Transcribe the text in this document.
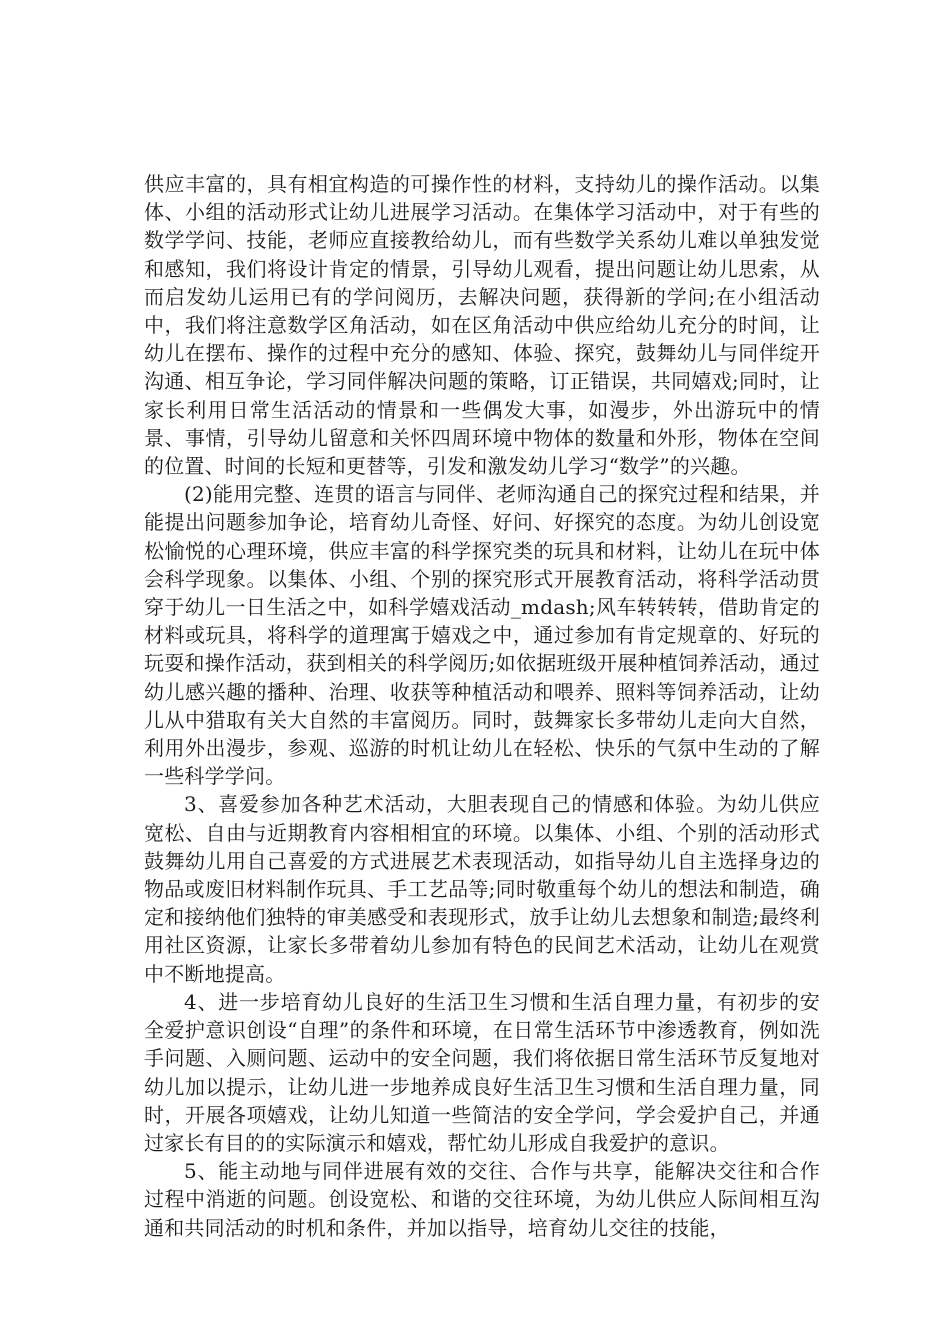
供应丰富的，具有相宜构造的可操作性的材料，支持幼儿的操作活动。以集体、小组的活动形式让幼儿进展学习活动。在集体学习活动中，对于有些的数学学问、技能，老师应直接教给幼儿，而有些数学关系幼儿难以单独发觉和感知，我们将设计肯定的情景，引导幼儿观看，提出问题让幼儿思索，从而启发幼儿运用已有的学问阅历，去解决问题，获得新的学问;在小组活动中，我们将注意数学区角活动，如在区角活动中供应给幼儿充分的时间，让幼儿在摆布、操作的过程中充分的感知、体验、探究，鼓舞幼儿与同伴绽开沟通、相互争论，学习同伴解决问题的策略，订正错误，共同嬉戏;同时，让家长利用日常生活活动的情景和一些偶发大事，如漫步，外出游玩中的情景、事情，引导幼儿留意和关怀四周环境中物体的数量和外形，物体在空间的位置、时间的长短和更替等，引发和激发幼儿学习“数学”的兴趣。

(2)能用完整、连贯的语言与同伴、老师沟通自己的探究过程和结果，并能提出问题参加争论，培育幼儿奇怪、好问、好探究的态度。为幼儿创设宽松愉悦的心理环境，供应丰富的科学探究类的玩具和材料，让幼儿在玩中体会科学现象。以集体、小组、个别的探究形式开展教育活动，将科学活动贯穿于幼儿一日生活之中，如科学嬉戏活动_mdash;风车转转转，借助肯定的材料或玩具，将科学的道理寓于嬉戏之中，通过参加有肯定规章的、好玩的玩耍和操作活动，获到相关的科学阅历;如依据班级开展种植饲养活动，通过幼儿感兴趣的播种、治理、收获等种植活动和喂养、照料等饲养活动，让幼儿从中猎取有关大自然的丰富阅历。同时，鼓舞家长多带幼儿走向大自然，利用外出漫步，参观、巡游的时机让幼儿在轻松、快乐的气氛中生动的了解一些科学学问。

3、喜爱参加各种艺术活动，大胆表现自己的情感和体验。为幼儿供应宽松、自由与近期教育内容相相宜的环境。以集体、小组、个别的活动形式鼓舞幼儿用自己喜爱的方式进展艺术表现活动，如指导幼儿自主选择身边的物品或废旧材料制作玩具、手工艺品等;同时敬重每个幼儿的想法和制造，确定和接纳他们独特的审美感受和表现形式，放手让幼儿去想象和制造;最终利用社区资源，让家长多带着幼儿参加有特色的民间艺术活动，让幼儿在观赏中不断地提高。

4、进一步培育幼儿良好的生活卫生习惯和生活自理力量，有初步的安全爱护意识创设“自理”的条件和环境，在日常生活环节中渗透教育，例如洗手问题、入厕问题、运动中的安全问题，我们将依据日常生活环节反复地对幼儿加以提示，让幼儿进一步地养成良好生活卫生习惯和生活自理力量，同时，开展各项嬉戏，让幼儿知道一些简洁的安全学问，学会爱护自己，并通过家长有目的的实际演示和嬉戏，帮忙幼儿形成自我爱护的意识。

5、能主动地与同伴进展有效的交往、合作与共享，能解决交往和合作过程中消逝的问题。创设宽松、和谐的交往环境，为幼儿供应人际间相互沟通和共同活动的时机和条件，并加以指导，培育幼儿交往的技能，
